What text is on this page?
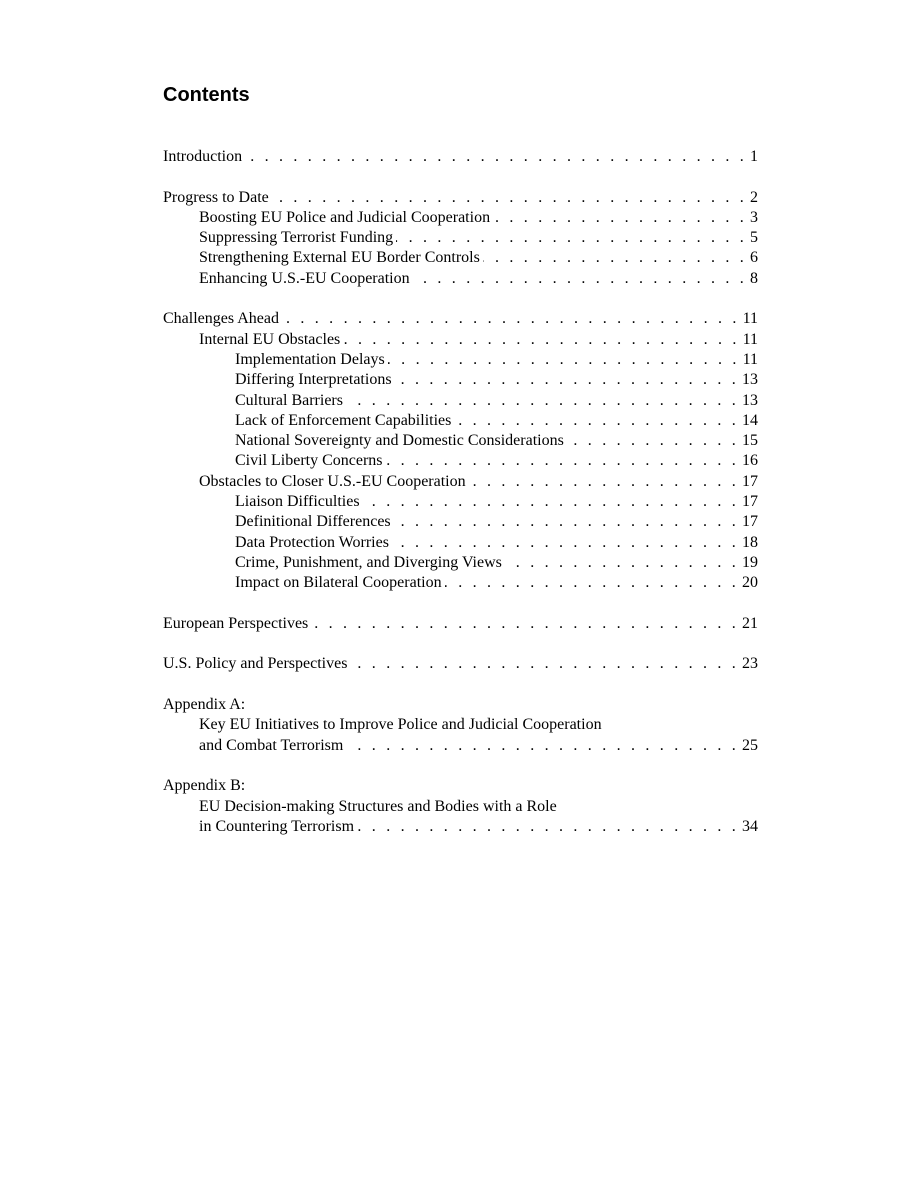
Contents
Introduction . . .	1
Progress to Date . . .	2
Boosting EU Police and Judicial Cooperation . . .	3
Suppressing Terrorist Funding . . .	5
Strengthening External EU Border Controls . . .	6
Enhancing U.S.-EU Cooperation . . .	8
Challenges Ahead . . .	11
Internal EU Obstacles . . .	11
Implementation Delays . . .	11
Differing Interpretations . . .	13
Cultural Barriers . . .	13
Lack of Enforcement Capabilities . . .	14
National Sovereignty and Domestic Considerations . . .	15
Civil Liberty Concerns . . .	16
Obstacles to Closer U.S.-EU Cooperation . . .	17
Liaison Difficulties . . .	17
Definitional Differences . . .	17
Data Protection Worries . . .	18
Crime, Punishment, and Diverging Views . . .	19
Impact on Bilateral Cooperation . . .	20
European Perspectives . . .	21
U.S. Policy and Perspectives . . .	23
Appendix A:
Key EU Initiatives to Improve Police and Judicial Cooperation
and Combat Terrorism . . .	25
Appendix B:
EU Decision-making Structures and Bodies with a Role
in Countering Terrorism . . .	34
